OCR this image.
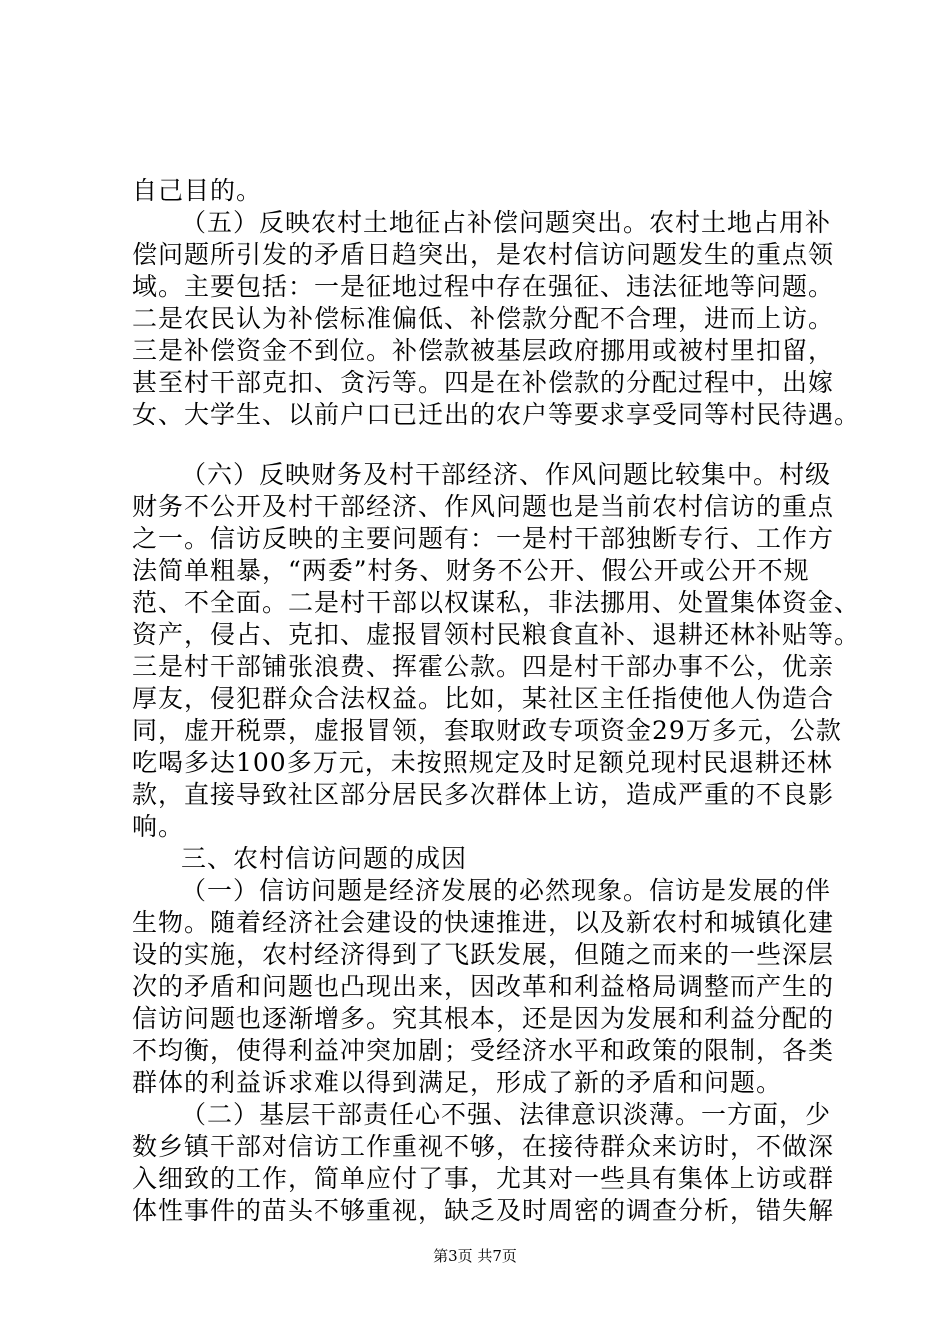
自己目的。
（五）反映农村土地征占补偿问题突出。农村土地占用补
偿问题所引发的矛盾日趋突出，是农村信访问题发生的重点领
域。主要包括：一是征地过程中存在强征、违法征地等问题。
二是农民认为补偿标准偏低、补偿款分配不合理，进而上访。
三是补偿资金不到位。补偿款被基层政府挪用或被村里扣留，
甚至村干部克扣、贪污等。四是在补偿款的分配过程中，出嫁
女、大学生、以前户口已迁出的农户等要求享受同等村民待遇。
（六）反映财务及村干部经济、作风问题比较集中。村级
财务不公开及村干部经济、作风问题也是当前农村信访的重点
之一。信访反映的主要问题有：一是村干部独断专行、工作方
法简单粗暴，“两委”村务、财务不公开、假公开或公开不规
范、不全面。二是村干部以权谋私，非法挪用、处置集体资金、
资产，侵占、克扣、虚报冒领村民粮食直补、退耕还林补贴等。
三是村干部铺张浪费、挥霍公款。四是村干部办事不公，优亲
厚友，侵犯群众合法权益。比如，某社区主任指使他人伪造合
同，虚开税票，虚报冒领，套取财政专项资金29万多元，公款
吃喝多达100多万元，未按照规定及时足额兑现村民退耕还林
款，直接导致社区部分居民多次群体上访，造成严重的不良影
响。
三、农村信访问题的成因
（一）信访问题是经济发展的必然现象。信访是发展的伴
生物。随着经济社会建设的快速推进，以及新农村和城镇化建
设的实施，农村经济得到了飞跃发展，但随之而来的一些深层
次的矛盾和问题也凸现出来，因改革和利益格局调整而产生的
信访问题也逐渐增多。究其根本，还是因为发展和利益分配的
不均衡，使得利益冲突加剧；受经济水平和政策的限制，各类
群体的利益诉求难以得到满足，形成了新的矛盾和问题。
（二）基层干部责任心不强、法律意识淡薄。一方面，少
数乡镇干部对信访工作重视不够，在接待群众来访时，不做深
入细致的工作，简单应付了事，尤其对一些具有集体上访或群
体性事件的苗头不够重视，缺乏及时周密的调查分析，错失解
第3页 共7页
